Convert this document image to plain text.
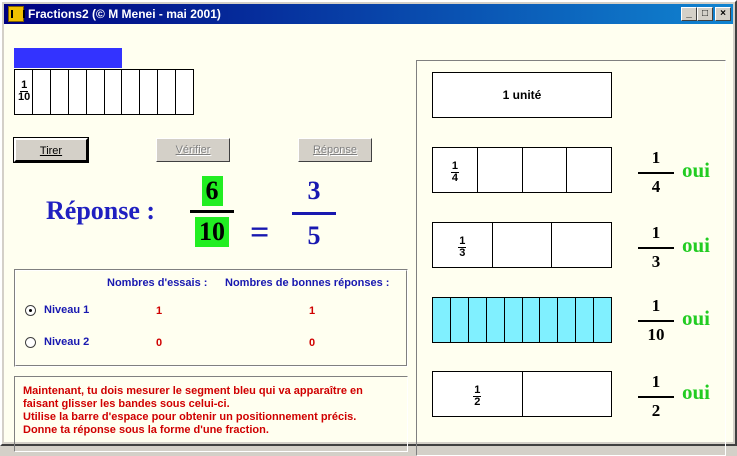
Fractions2 (© M Menei - mai 2001)	_	□	×
$\frac{1}{10}$
Tirer	Vérifier	Réponse
Réponse :
6
10 =
3
5
Nombres d'essais : Nombres de bonnes réponses :
Niveau 1	1	1
Niveau 2	0	0
Maintenant, tu dois mesurer le segment bleu qui va apparaître en
faisant glisser les bandes sous celui-ci.
Utilise la barre d'espace pour obtenir un positionnement précis.
Donne ta réponse sous la forme d'une fraction.
1 unité
$\frac{1}{4}$
1
4
oui
$\frac{1}{3}$
1
3
oui
1
10
oui
$\frac{1}{2}$
1
2
oui
